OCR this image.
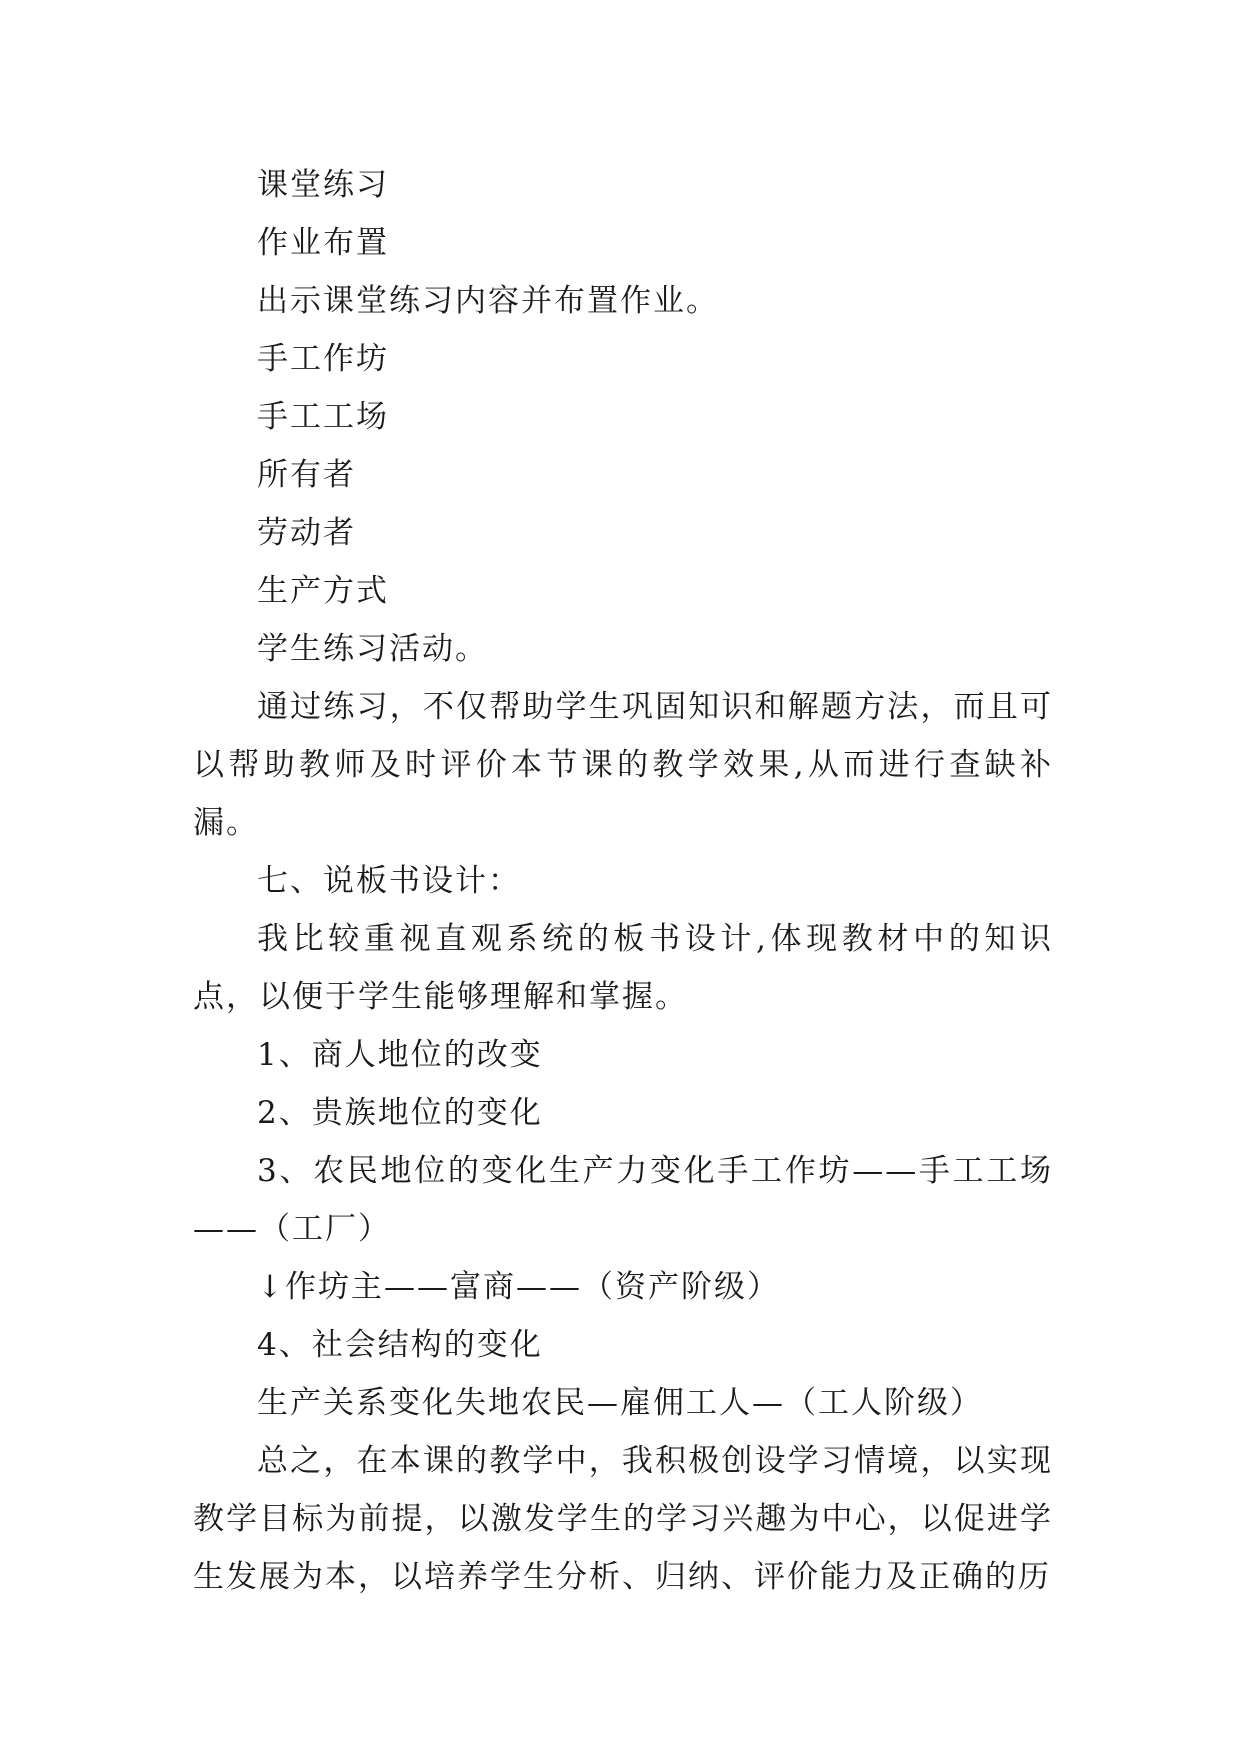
课堂练习
作业布置
出示课堂练习内容并布置作业。
手工作坊
手工工场
所有者
劳动者
生产方式
学生练习活动。
通过练习，不仅帮助学生巩固知识和解题方法，而且可以帮助教师及时评价本节课的教学效果,从而进行查缺补漏。
七、说板书设计：
我比较重视直观系统的板书设计,体现教材中的知识点，以便于学生能够理解和掌握。
1、商人地位的改变
2、贵族地位的变化
3、农民地位的变化生产力变化手工作坊——手工工场——（工厂）
↓作坊主——富商——（资产阶级）
4、社会结构的变化
生产关系变化失地农民—雇佣工人—（工人阶级）
总之，在本课的教学中，我积极创设学习情境，以实现教学目标为前提，以激发学生的学习兴趣为中心，以促进学生发展为本，以培养学生分析、归纳、评价能力及正确的历
